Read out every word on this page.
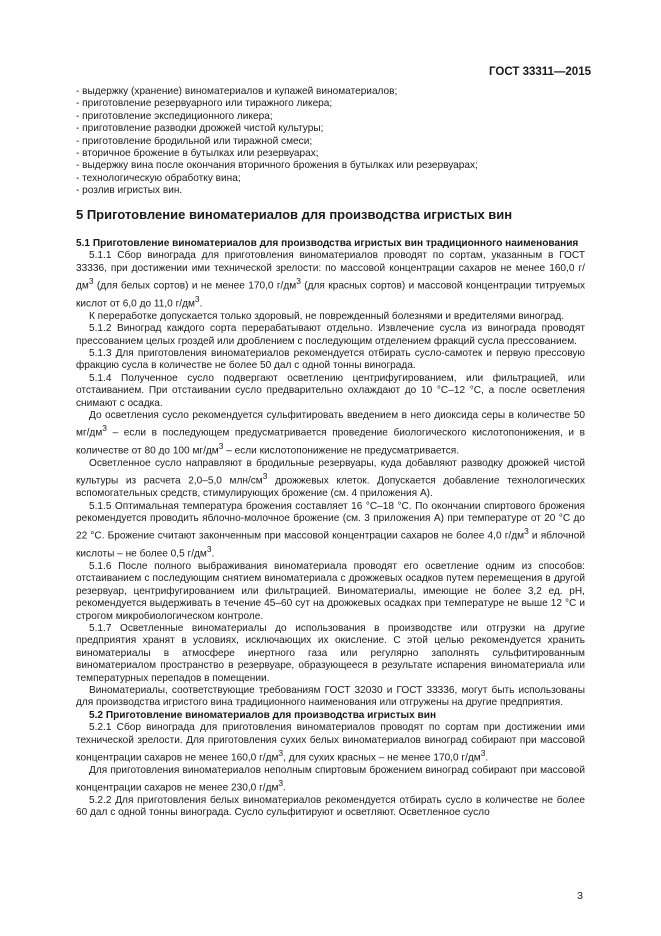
ГОСТ 33311—2015
- выдержку (хранение) виноматериалов и купажей виноматериалов;
- приготовление резервуарного или тиражного ликера;
- приготовление экспедиционного ликера;
- приготовление разводки дрожжей чистой культуры;
- приготовление бродильной или тиражной смеси;
- вторичное брожение в бутылках или резервуарах;
- выдержку вина после окончания вторичного брожения в бутылках или резервуарах;
- технологическую обработку вина;
- розлив игристых вин.
5 Приготовление виноматериалов для производства игристых вин
5.1 Приготовление виноматериалов для производства игристых вин традиционного наименования
5.1.1 Сбор винограда для приготовления виноматериалов проводят по сортам, указанным в ГОСТ 33336, при достижении ими технической зрелости: по массовой концентрации сахаров не менее 160,0 $г/дм^3$ (для белых сортов) и не менее 170,0 $г/дм^3$ (для красных сортов) и массовой концентрации титруемых кислот от 6,0 до 11,0 $г/дм^3$.
К переработке допускается только здоровый, не поврежденный болезнями и вредителями виноград.
5.1.2 Виноград каждого сорта перерабатывают отдельно. Извлечение сусла из винограда проводят прессованием целых гроздей или дроблением с последующим отделением фракций сусла прессованием.
5.1.3 Для приготовления виноматериалов рекомендуется отбирать сусло-самотек и первую прессовую фракцию сусла в количестве не более 50 дал с одной тонны винограда.
5.1.4 Полученное сусло подвергают осветлению центрифугированием, или фильтрацией, или отстаиванием. При отстаивании сусло предварительно охлаждают до 10 °С–12 °С, а после осветления снимают с осадка.
До осветления сусло рекомендуется сульфитировать введением в него диоксида серы в количестве 50 $мг/дм^3$ – если в последующем предусматривается проведение биологического кислотопонижения, и в количестве от 80 до 100 $мг/дм^3$ – если кислотопонижение не предусматривается.
Осветленное сусло направляют в бродильные резервуары, куда добавляют разводку дрожжей чистой культуры из расчета 2,0–5,0 млн/$см^3$ дрожжевых клеток. Допускается добавление технологических вспомогательных средств, стимулирующих брожение (см. 4 приложения А).
5.1.5 Оптимальная температура брожения составляет 16 °С–18 °С. По окончании спиртового брожения рекомендуется проводить яблочно-молочное брожение (см. 3 приложения А) при температуре от 20 °С до 22 °С. Брожение считают законченным при массовой концентрации сахаров не более 4,0 $г/дм^3$ и яблочной кислоты – не более 0,5 $г/дм^3$.
5.1.6 После полного выбраживания виноматериала проводят его осветление одним из способов: отстаиванием с последующим снятием виноматериала с дрожжевых осадков путем перемещения в другой резервуар, центрифугированием или фильтрацией. Виноматериалы, имеющие не более 3,2 ед. рН, рекомендуется выдерживать в течение 45–60 сут на дрожжевых осадках при температуре не выше 12 °С и строгом микробиологическом контроле.
5.1.7 Осветленные виноматериалы до использования в производстве или отгрузки на другие предприятия хранят в условиях, исключающих их окисление. С этой целью рекомендуется хранить виноматериалы в атмосфере инертного газа или регулярно заполнять сульфитированным виноматериалом пространство в резервуаре, образующееся в результате испарения виноматериала или температурных перепадов в помещении.
Виноматериалы, соответствующие требованиям ГОСТ 32030 и ГОСТ 33336, могут быть использованы для производства игристого вина традиционного наименования или отгружены на другие предприятия.
5.2 Приготовление виноматериалов для производства игристых вин
5.2.1 Сбор винограда для приготовления виноматериалов проводят по сортам при достижении ими технической зрелости. Для приготовления сухих белых виноматериалов виноград собирают при массовой концентрации сахаров не менее 160,0 $г/дм^3$, для сухих красных – не менее 170,0 $г/дм^3$.
Для приготовления виноматериалов неполным спиртовым брожением виноград собирают при массовой концентрации сахаров не менее 230,0 $г/дм^3$.
5.2.2 Для приготовления белых виноматериалов рекомендуется отбирать сусло в количестве не более 60 дал с одной тонны винограда. Сусло сульфитируют и осветляют. Осветленное сусло
3
